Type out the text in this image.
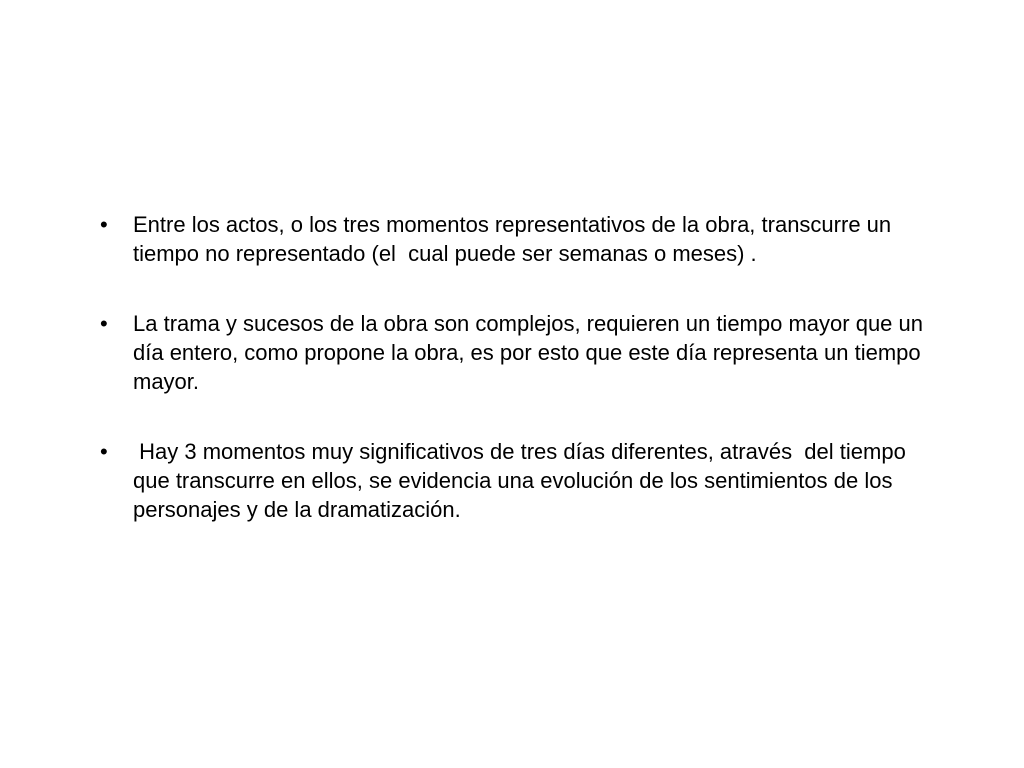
•	Entre los actos, o los tres momentos representativos de la obra, transcurre un tiempo no representado (el  cual puede ser semanas o meses) .
•	La trama y sucesos de la obra son complejos, requieren un tiempo mayor que un día entero, como propone la obra, es por esto que este día representa un tiempo mayor.
•	Hay 3 momentos muy significativos de tres días diferentes, através  del tiempo que transcurre en ellos, se evidencia una evolución de los sentimientos de los personajes y de la dramatización.
